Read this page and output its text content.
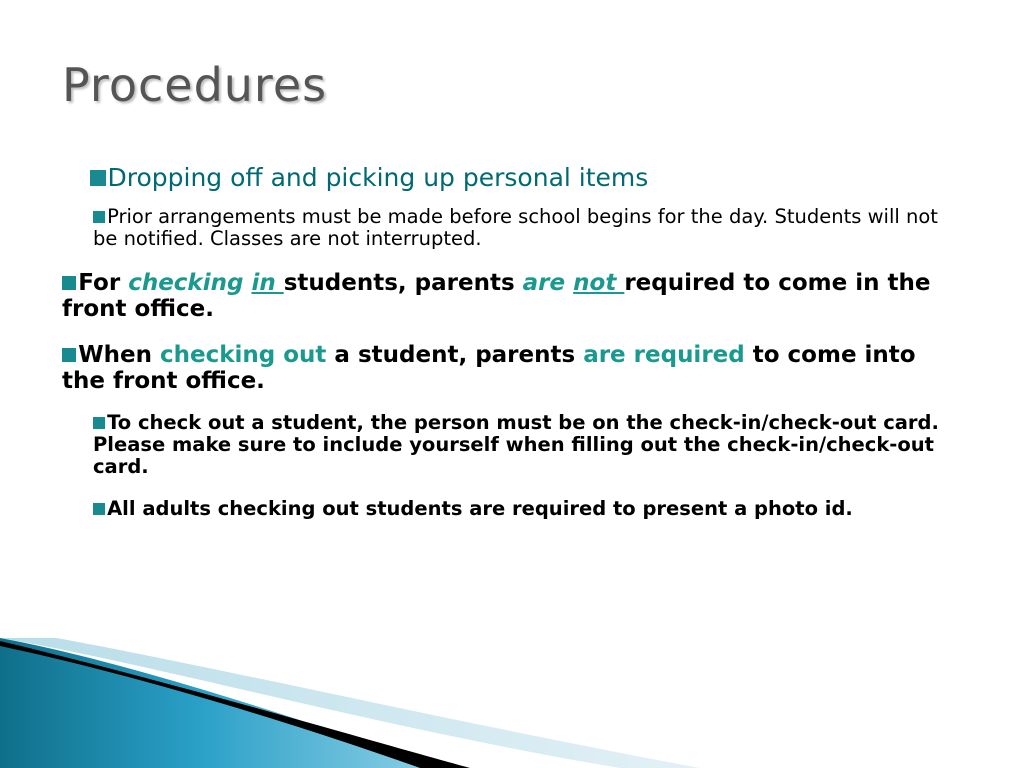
Procedures
Dropping off and picking up personal items
Prior arrangements must be made before school begins for the day. Students will not be notified. Classes are not interrupted.
For checking in students, parents are not required to come in the front office.
When checking out a student, parents are required to come into the front office.
To check out a student, the person must be on the check-in/check-out card. Please make sure to include yourself when filling out the check-in/check-out card.
All adults checking out students are required to present a photo id.
